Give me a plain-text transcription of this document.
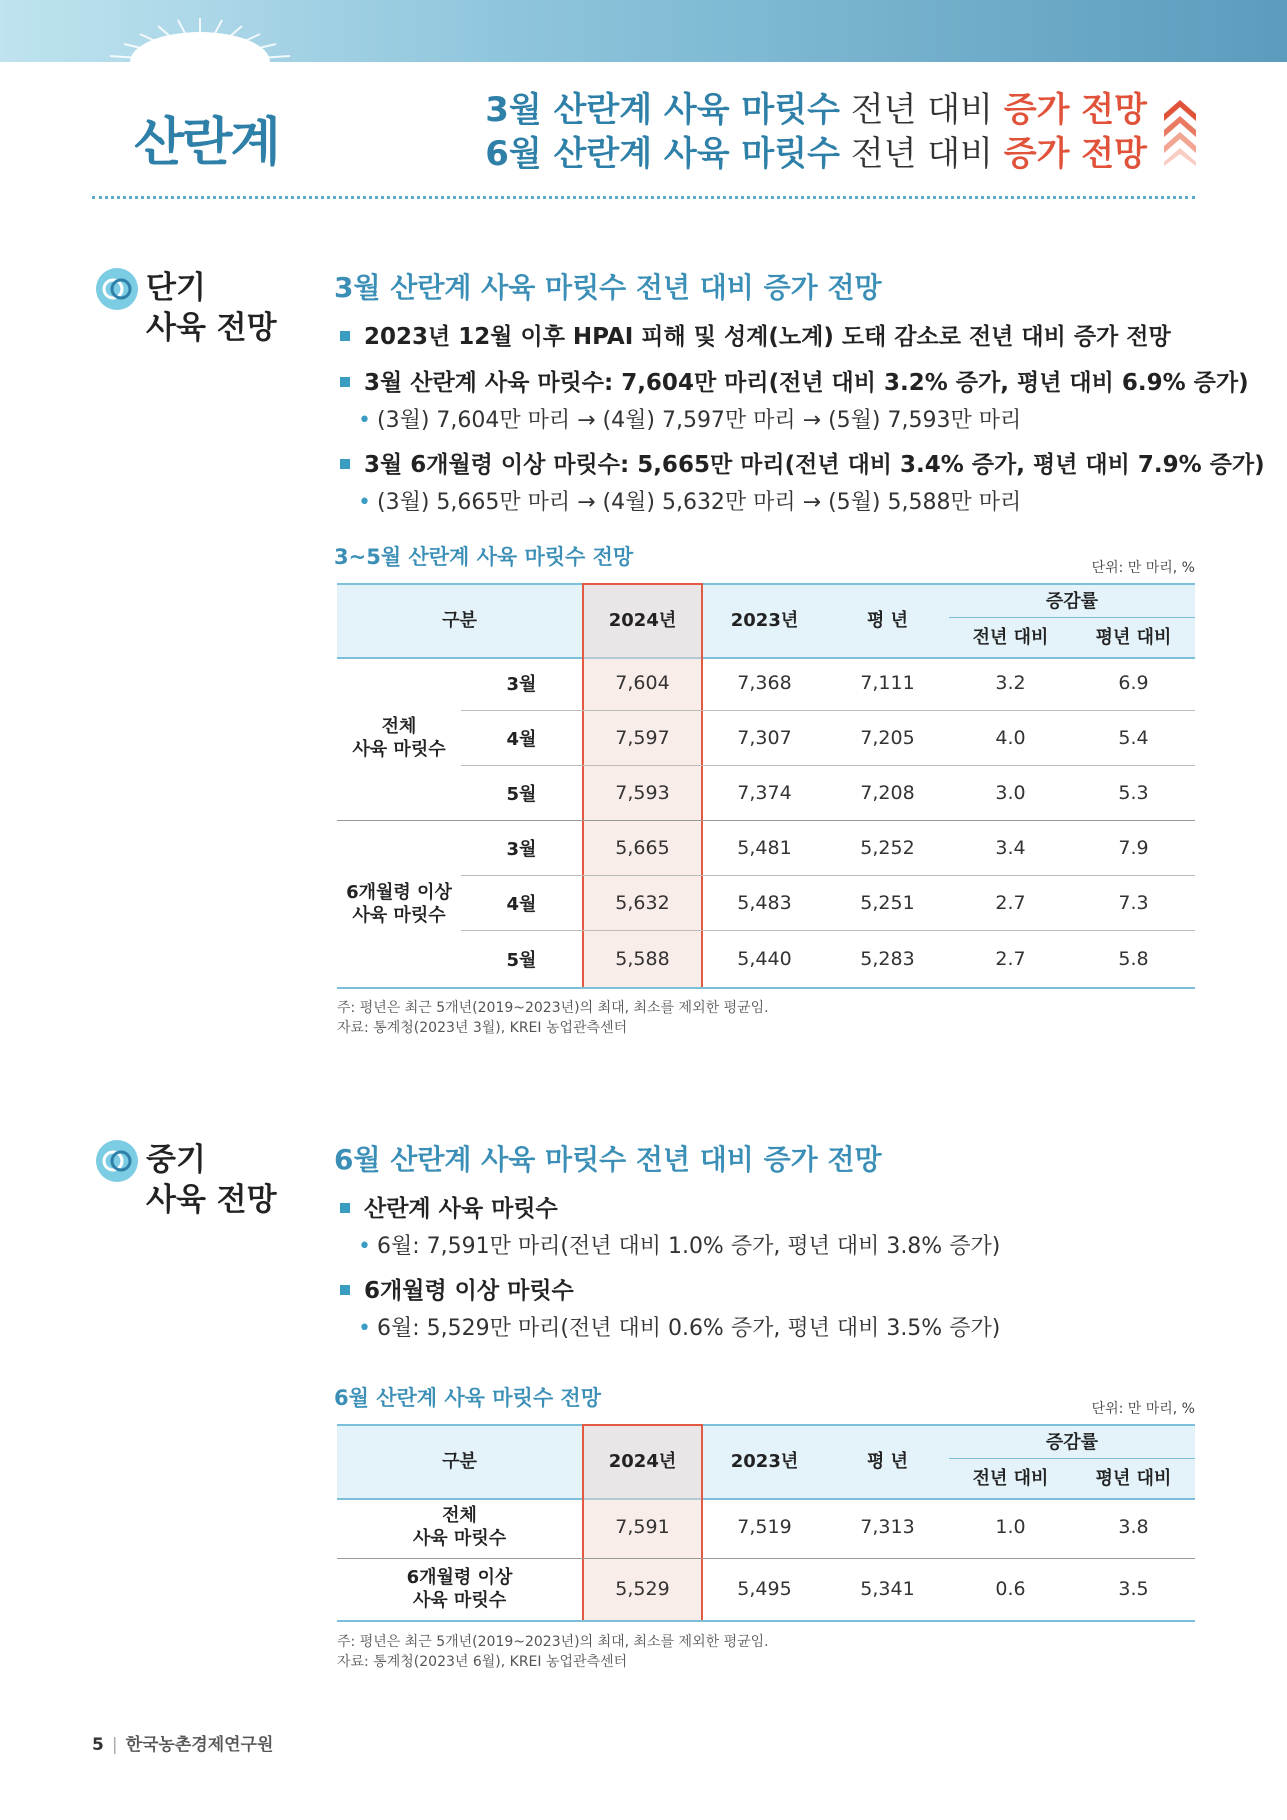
산란계
3월 산란계 사육 마릿수 전년 대비 증가 전망
6월 산란계 사육 마릿수 전년 대비 증가 전망
단기
사육 전망
3월 산란계 사육 마릿수 전년 대비 증가 전망
2023년 12월 이후 HPAI 피해 및 성계(노계) 도태 감소로 전년 대비 증가 전망
3월 산란계 사육 마릿수: 7,604만 마리(전년 대비 3.2% 증가, 평년 대비 6.9% 증가)
• (3월) 7,604만 마리 → (4월) 7,597만 마리 → (5월) 7,593만 마리
3월 6개월령 이상 마릿수: 5,665만 마리(전년 대비 3.4% 증가, 평년 대비 7.9% 증가)
• (3월) 5,665만 마리 → (4월) 5,632만 마리 → (5월) 5,588만 마리
3~5월 산란계 사육 마릿수 전망	단위: 만 마리, %
구분	2024년	2023년	평 년
증감률
전년 대비	평년 대비
전체
사육 마릿수
3월	7,604	7,368	7,111	3.2	6.9
4월	7,597	7,307	7,205	4.0	5.4
5월	7,593	7,374	7,208	3.0	5.3
6개월령 이상
사육 마릿수
3월	5,665	5,481	5,252	3.4	7.9
4월	5,632	5,483	5,251	2.7	7.3
5월	5,588	5,440	5,283	2.7	5.8
주: 평년은 최근 5개년(2019~2023년)의 최대, 최소를 제외한 평균임.
자료: 통계청(2023년 3월), KREI 농업관측센터
중기
사육 전망
6월 산란계 사육 마릿수 전년 대비 증가 전망
산란계 사육 마릿수
• 6월: 7,591만 마리(전년 대비 1.0% 증가, 평년 대비 3.8% 증가)
6개월령 이상 마릿수
• 6월: 5,529만 마리(전년 대비 0.6% 증가, 평년 대비 3.5% 증가)
6월 산란계 사육 마릿수 전망	단위: 만 마리, %
구분	2024년	2023년	평 년
증감률
전년 대비	평년 대비
전체
사육 마릿수
7,591	7,519	7,313	1.0	3.8
6개월령 이상
사육 마릿수
5,529	5,495	5,341	0.6	3.5
주: 평년은 최근 5개년(2019~2023년)의 최대, 최소를 제외한 평균임.
자료: 통계청(2023년 6월), KREI 농업관측센터
5 | 한국농촌경제연구원
